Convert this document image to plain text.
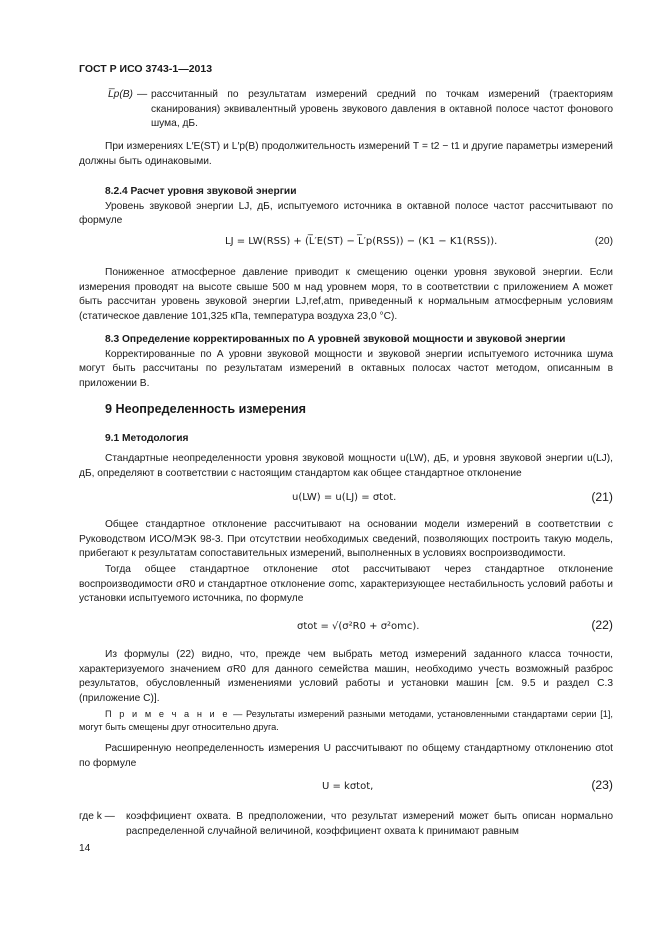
ГОСТ Р ИСО 3743-1—2013
L̅p(B) — рассчитанный по результатам измерений средний по точкам измерений (траекториям сканирования) эквивалентный уровень звукового давления в октавной полосе частот фонового шума, дБ.

При измерениях L′E(ST) и L′p(B) продолжительность измерений T = t2 − t1 и другие параметры измерений должны быть одинаковыми.

8.2.4 Расчет уровня звуковой энергии

Уровень звуковой энергии LJ, дБ, испытуемого источника в октавной полосе частот рассчитывают по формуле

LJ = LW(RSS) + (L̅′E(ST) − L̅′p(RSS)) − (K1 − K1(RSS)).	(20)

Пониженное атмосферное давление приводит к смещению оценки уровня звуковой энергии. Если измерения проводят на высоте свыше 500 м над уровнем моря, то в соответствии с приложением А может быть рассчитан уровень звуковой энергии LJ,ref,atm, приведенный к нормальным атмосферным условиям (статическое давление 101,325 кПа, температура воздуха 23,0 °С).

8.3 Определение корректированных по А уровней звуковой мощности и звуковой энергии

Корректированные по А уровни звуковой мощности и звуковой энергии испытуемого источника шума могут быть рассчитаны по результатам измерений в октавных полосах частот методом, описанным в приложении В.

9 Неопределенность измерения

9.1 Методология

Стандартные неопределенности уровня звуковой мощности u(LW), дБ, и уровня звуковой энергии u(LJ), дБ, определяют в соответствии с настоящим стандартом как общее стандартное отклонение

u(LW) = u(LJ) = σtot.	(21)

Общее стандартное отклонение рассчитывают на основании модели измерений в соответствии с Руководством ИСО/МЭК 98-3. При отсутствии необходимых сведений, позволяющих построить такую модель, прибегают к результатам сопоставительных измерений, выполненных в условиях воспроизводимости.

Тогда общее стандартное отклонение σtot рассчитывают через стандартное отклонение воспроизводимости σR0 и стандартное отклонение σomc, характеризующее нестабильность условий работы и установки испытуемого источника, по формуле

σtot = √(σ²R0 + σ²omc).	(22)

Из формулы (22) видно, что, прежде чем выбрать метод измерений заданного класса точности, характеризуемого значением σR0 для данного семейства машин, необходимо учесть возможный разброс результатов, обусловленный изменениями условий работы и установки машин [см. 9.5 и раздел С.3 (приложение С)].

П р и м е ч а н и е — Результаты измерений разными методами, установленными стандартами серии [1], могут быть смещены друг относительно друга.

Расширенную неопределенность измерения U рассчитывают по общему стандартному отклонению σtot по формуле

U = kσtot,	(23)
где k — коэффициент охвата. В предположении, что результат измерений может быть описан нормально распределенной случайной величиной, коэффициент охвата k принимают равным

14
